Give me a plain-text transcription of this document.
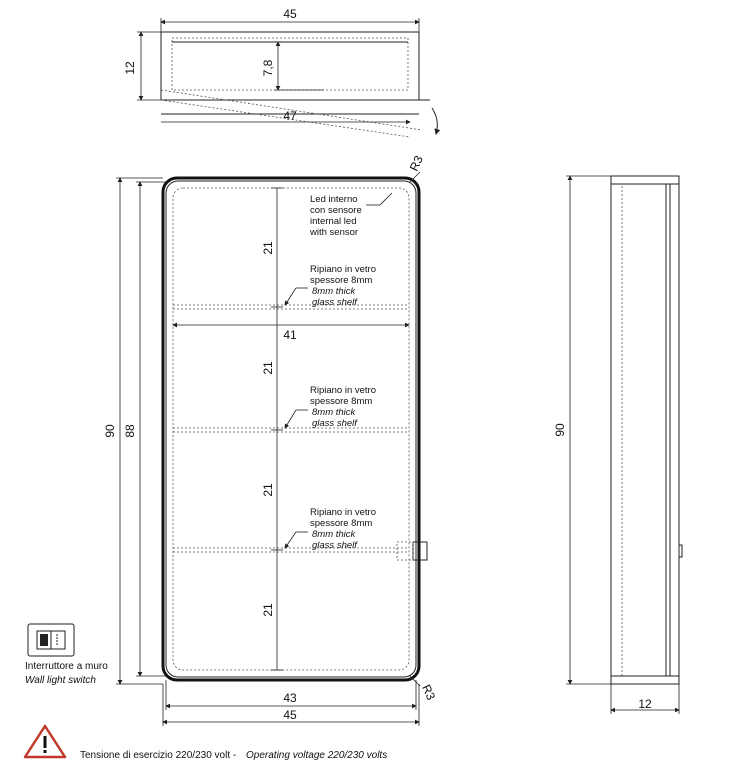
45
12	7,8
47
21
21
21
21
41
R3
R3
90 88
43
45
Led interno
con sensore
internal led
with sensor
Ripiano in vetro
spessore 8mm
8mm thick
glass shelf
Ripiano in vetro
spessore 8mm
8mm thick
glass shelf
Ripiano in vetro
spessore 8mm
8mm thick
glass shelf
90
12
Interruttore a muro
Wall light switch
Tensione di esercizio 220/230 volt - Operating voltage 220/230 volts
